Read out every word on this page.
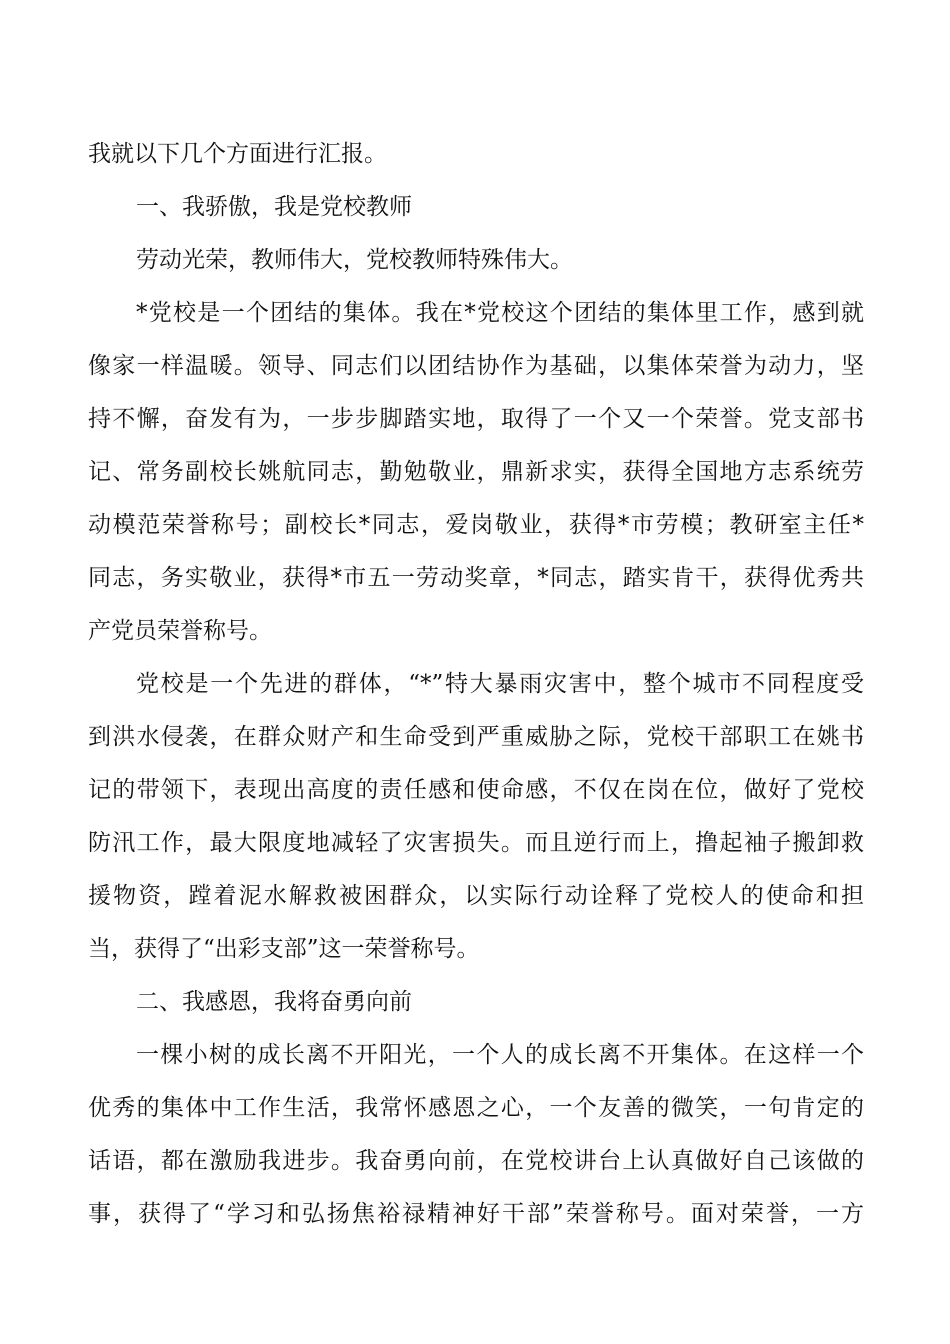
我就以下几个方面进行汇报。
一、我骄傲，我是党校教师
劳动光荣，教师伟大，党校教师特殊伟大。
*党校是一个团结的集体。我在*党校这个团结的集体里工作，感到就
像家一样温暖。领导、同志们以团结协作为基础，以集体荣誉为动力，坚
持不懈，奋发有为，一步步脚踏实地，取得了一个又一个荣誉。党支部书
记、常务副校长姚航同志，勤勉敬业，鼎新求实，获得全国地方志系统劳
动模范荣誉称号；副校长*同志，爱岗敬业，获得*市劳模；教研室主任*
同志，务实敬业，获得*市五一劳动奖章，*同志，踏实肯干，获得优秀共
产党员荣誉称号。
党校是一个先进的群体，“*”特大暴雨灾害中，整个城市不同程度受
到洪水侵袭，在群众财产和生命受到严重威胁之际，党校干部职工在姚书
记的带领下，表现出高度的责任感和使命感，不仅在岗在位，做好了党校
防汛工作，最大限度地减轻了灾害损失。而且逆行而上，撸起袖子搬卸救
援物资，蹚着泥水解救被困群众，以实际行动诠释了党校人的使命和担
当，获得了“出彩支部”这一荣誉称号。
二、我感恩，我将奋勇向前
一棵小树的成长离不开阳光，一个人的成长离不开集体。在这样一个
优秀的集体中工作生活，我常怀感恩之心，一个友善的微笑，一句肯定的
话语，都在激励我进步。我奋勇向前，在党校讲台上认真做好自己该做的
事，获得了“学习和弘扬焦裕禄精神好干部”荣誉称号。面对荣誉，一方
